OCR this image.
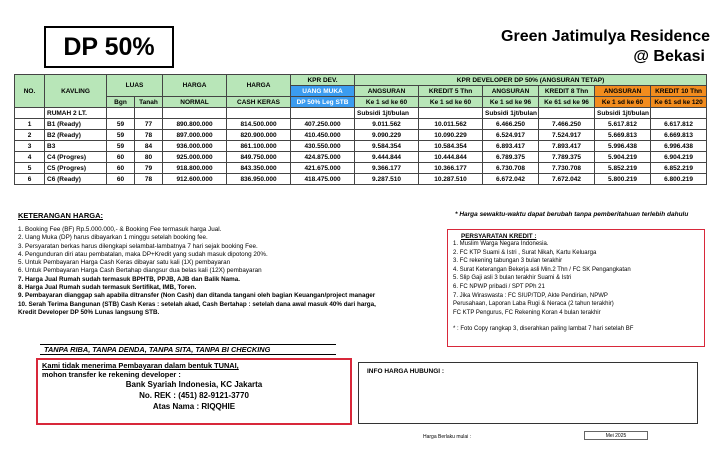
DP 50%	Green Jatimulya Residence
@ Bekasi
NO.	KAVLING	LUAS		HARGA	HARGA	KPR DEV.	KPR DEVELOPER DP 50% (ANGSURAN TETAP)					
						UANG MUKA	ANGSURAN	KREDIT 5 Thn	ANGSURAN	KREDIT 8 Thn	ANGSURAN	KREDIT 10 Thn
		Bgn	Tanah	NORMAL	CASH KERAS	DP 50% Leg STB	Ke 1 sd ke 60	Ke 1 sd ke 60	Ke 1 sd ke 96	Ke 61 sd ke 96	Ke 1 sd ke 60	Ke 61 sd ke 120
	RUMAH 2 LT.						Subsidi 1jt/bulan		Subsidi 1jt/bulan		Subsidi 1jt/bulan	
1	B1 (Ready)	59	77	890.800.000	814.500.000	407.250.000	9.011.562	10.011.562	6.466.250	7.466.250	5.617.812	6.617.812
2	B2 (Ready)	59	78	897.000.000	820.900.000	410.450.000	9.090.229	10.090.229	6.524.917	7.524.917	5.669.813	6.669.813
3	B3	59	84	936.000.000	861.100.000	430.550.000	9.584.354	10.584.354	6.893.417	7.893.417	5.996.438	6.996.438
4	C4 (Progres)	60	80	925.000.000	849.750.000	424.875.000	9.444.844	10.444.844	6.789.375	7.789.375	5.904.219	6.904.219
5	C5 (Progres)	60	79	918.800.000	843.350.000	421.675.000	9.366.177	10.366.177	6.730.708	7.730.708	5.852.219	6.852.219
6	C6 (Ready)	60	78	912.600.000	836.950.000	418.475.000	9.287.510	10.287.510	6.672.042	7.672.042	5.800.219	6.800.219
KETERANGAN HARGA:	* Harga sewaktu-waktu dapat berubah tanpa pemberitahuan terlebih dahulu
1. Booking Fee (BF) Rp.5.000.000,- & Booking Fee termasuk harga Jual.
2. Uang Muka (DP) harus dibayarkan 1 minggu setelah booking fee.
3. Persyaratan berkas harus dilengkapi selambat-lambatnya 7 hari sejak booking Fee.
4. Pengunduran diri atau pembatalan, maka DP+Kredit yang sudah masuk dipotong 20%.
5. Untuk Pembayaran Harga Cash Keras dibayar satu kali (1X) pembayaran
6. Untuk Pembayaran Harga Cash Bertahap diangsur dua belas kali (12X) pembayaran
7. Harga Jual Rumah sudah termasuk BPHTB, PPJB, AJB dan Balik Nama.
8. Harga Jual Rumah sudah termasuk Sertifikat, IMB, Toren.
9. Pembayaran dianggap sah apabila ditransfer (Non Cash) dan ditanda tangani oleh bagian Keuangan/project manager
10. Serah Terima Bangunan (STB) Cash Keras : setelah akad, Cash Bertahap : setelah dana awal masuk 40% dari harga,
Kredit Developer DP 50% Lunas langsung STB.
PERSYARATAN KREDIT :
1. Muslim Warga Negara Indonesia.
2. FC KTP Suami & Istri , Surat Nikah, Kartu Keluarga
3. FC rekening tabungan 3 bulan terakhir
4. Surat Keterangan Bekerja asli Min.2 Thn / FC SK Pengangkatan
5. Slip Gaji asli 3 bulan terakhir Suami & Istri
6. FC NPWP pribadi / SPT PPh 21
7. Jika Wiraswasta : FC SIUP/TDP, Akte Pendirian, NPWP
Perusahaan, Laporan Laba Rugi & Neraca (2 tahun terakhir)
FC KTP Pengurus, FC Rekening Koran 4 bulan terakhir
* : Foto Copy rangkap 3, diserahkan paling lambat 7 hari setelah BF
TANPA RIBA, TANPA DENDA, TANPA SITA, TANPA BI CHECKING
Kami tidak menerima Pembayaran dalam bentuk TUNAI,
mohon transfer ke rekening developer :
Bank Syariah Indonesia, KC Jakarta
No. REK : (451) 82-9121-3770
Atas Nama : RIQQHIE
INFO HARGA HUBUNGI :
Harga Berlaku mulai :	Mei 2025
